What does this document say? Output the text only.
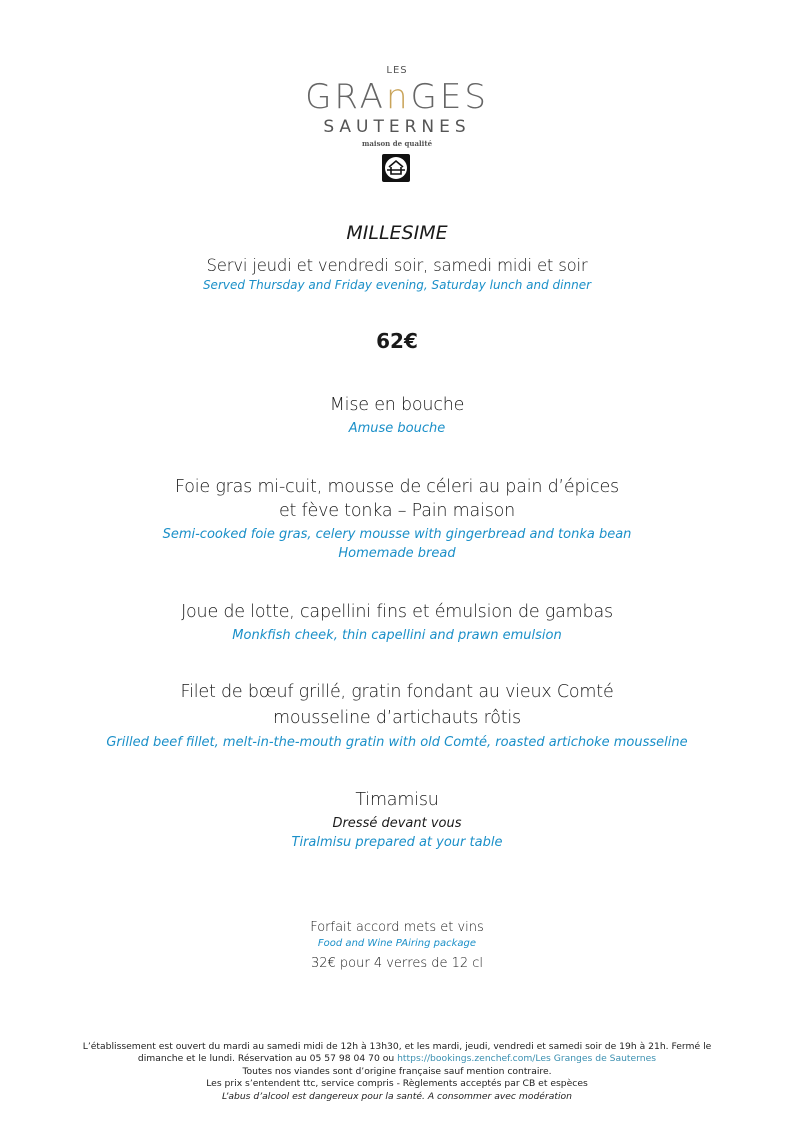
LES
GRAnGES
SAUTERNES
maison de qualité
MILLESIME
Servi jeudi et vendredi soir, samedi midi et soir
Served Thursday and Friday evening, Saturday lunch and dinner
62€
Mise en bouche
Amuse bouche
Foie gras mi-cuit, mousse de céleri au pain d’épices
et fève tonka – Pain maison
Semi-cooked foie gras, celery mousse with gingerbread and tonka bean
Homemade bread
Joue de lotte, capellini fins et émulsion de gambas
Monkfish cheek, thin capellini and prawn emulsion
Filet de bœuf grillé, gratin fondant au vieux Comté
mousseline d’artichauts rôtis
Grilled beef fillet, melt-in-the-mouth gratin with old Comté, roasted artichoke mousseline
Timamisu
Dressé devant vous
Tiralmisu prepared at your table
Forfait accord mets et vins
Food and Wine PAiring package
32€ pour 4 verres de 12 cl
L’établissement est ouvert du mardi au samedi midi de 12h à 13h30, et les mardi, jeudi, vendredi et samedi soir de 19h à 21h. Fermé le
dimanche et le lundi. Réservation au 05 57 98 04 70 ou https://bookings.zenchef.com/Les Granges de Sauternes
Toutes nos viandes sont d’origine française sauf mention contraire.
Les prix s’entendent ttc, service compris - Règlements acceptés par CB et espèces
L’abus d’alcool est dangereux pour la santé. A consommer avec modération
